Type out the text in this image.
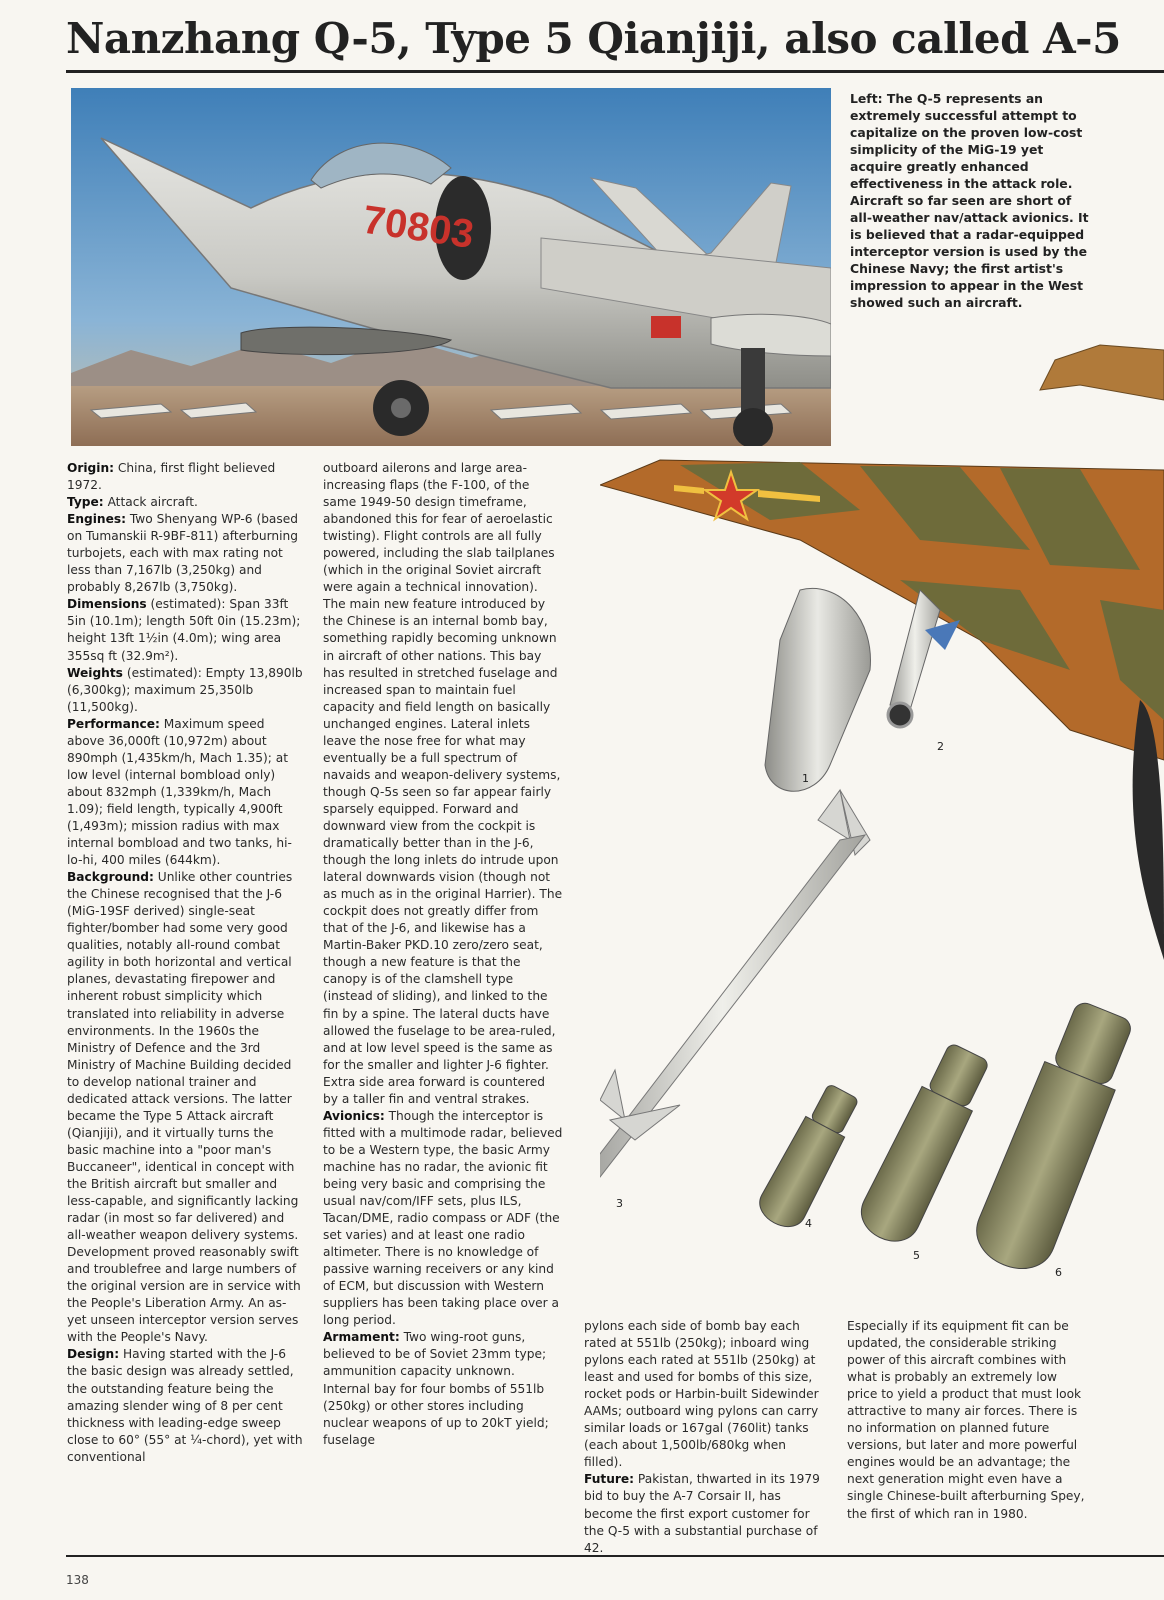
Nanzhang Q-5, Type 5 Qianjiji, also called A-5
70803
Left: The Q-5 represents an extremely successful attempt to capitalize on the proven low-cost simplicity of the MiG-19 yet acquire greatly enhanced effectiveness in the attack role. Aircraft so far seen are short of all-weather nav/attack avionics. It is believed that a radar-equipped interceptor version is used by the Chinese Navy; the first artist's impression to appear in the West showed such an aircraft.
1
2
3
4
5
6

Origin: China, first flight believed 1972.

Type: Attack aircraft.

Engines: Two Shenyang WP-6 (based on Tumanskii R-9BF-811) afterburning turbojets, each with max rating not less than 7,167lb (3,250kg) and probably 8,267lb (3,750kg).

Dimensions (estimated): Span 33ft 5in (10.1m); length 50ft 0in (15.23m); height 13ft 1½in (4.0m); wing area 355sq ft (32.9m²).

Weights (estimated): Empty 13,890lb (6,300kg); maximum 25,350lb (11,500kg).

Performance: Maximum speed above 36,000ft (10,972m) about 890mph (1,435km/h, Mach 1.35); at low level (internal bombload only) about 832mph (1,339km/h, Mach 1.09); field length, typically 4,900ft (1,493m); mission radius with max internal bombload and two tanks, hi-lo-hi, 400 miles (644km).

Background: Unlike other countries the Chinese recognised that the J-6 (MiG-19SF derived) single-seat fighter/bomber had some very good qualities, notably all-round combat agility in both horizontal and vertical planes, devastating firepower and inherent robust simplicity which translated into reliability in adverse environments. In the 1960s the Ministry of Defence and the 3rd Ministry of Machine Building decided to develop national trainer and dedicated attack versions. The latter became the Type 5 Attack aircraft (Qianjiji), and it virtually turns the basic machine into a "poor man's Buccaneer", identical in concept with the British aircraft but smaller and less-capable, and significantly lacking radar (in most so far delivered) and all-weather weapon delivery systems. Development proved reasonably swift and troublefree and large numbers of the original version are in service with the People's Liberation Army. An as-yet unseen interceptor version serves with the People's Navy.

Design: Having started with the J-6 the basic design was already settled, the outstanding feature being the amazing slender wing of 8 per cent thickness with leading-edge sweep close to 60° (55° at ¼-chord), yet with conventional

outboard ailerons and large area-increasing flaps (the F-100, of the same 1949-50 design timeframe, abandoned this for fear of aeroelastic twisting). Flight controls are all fully powered, including the slab tailplanes (which in the original Soviet aircraft were again a technical innovation). The main new feature introduced by the Chinese is an internal bomb bay, something rapidly becoming unknown in aircraft of other nations. This bay has resulted in stretched fuselage and increased span to maintain fuel capacity and field length on basically unchanged engines. Lateral inlets leave the nose free for what may eventually be a full spectrum of navaids and weapon-delivery systems, though Q-5s seen so far appear fairly sparsely equipped. Forward and downward view from the cockpit is dramatically better than in the J-6, though the long inlets do intrude upon lateral downwards vision (though not as much as in the original Harrier). The cockpit does not greatly differ from that of the J-6, and likewise has a Martin-Baker PKD.10 zero/zero seat, though a new feature is that the canopy is of the clamshell type (instead of sliding), and linked to the fin by a spine. The lateral ducts have allowed the fuselage to be area-ruled, and at low level speed is the same as for the smaller and lighter J-6 fighter. Extra side area forward is countered by a taller fin and ventral strakes.

Avionics: Though the interceptor is fitted with a multimode radar, believed to be a Western type, the basic Army machine has no radar, the avionic fit being very basic and comprising the usual nav/com/IFF sets, plus ILS, Tacan/DME, radio compass or ADF (the set varies) and at least one radio altimeter. There is no knowledge of passive warning receivers or any kind of ECM, but discussion with Western suppliers has been taking place over a long period.

Armament: Two wing-root guns, believed to be of Soviet 23mm type; ammunition capacity unknown. Internal bay for four bombs of 551lb (250kg) or other stores including nuclear weapons of up to 20kT yield; fuselage

pylons each side of bomb bay each rated at 551lb (250kg); inboard wing pylons each rated at 551lb (250kg) at least and used for bombs of this size, rocket pods or Harbin-built Sidewinder AAMs; outboard wing pylons can carry similar loads or 167gal (760lit) tanks (each about 1,500lb/680kg when filled).

Future: Pakistan, thwarted in its 1979 bid to buy the A-7 Corsair II, has become the first export customer for the Q-5 with a substantial purchase of 42.

Especially if its equipment fit can be updated, the considerable striking power of this aircraft combines with what is probably an extremely low price to yield a product that must look attractive to many air forces. There is no information on planned future versions, but later and more powerful engines would be an advantage; the next generation might even have a single Chinese-built afterburning Spey, the first of which ran in 1980.

138
